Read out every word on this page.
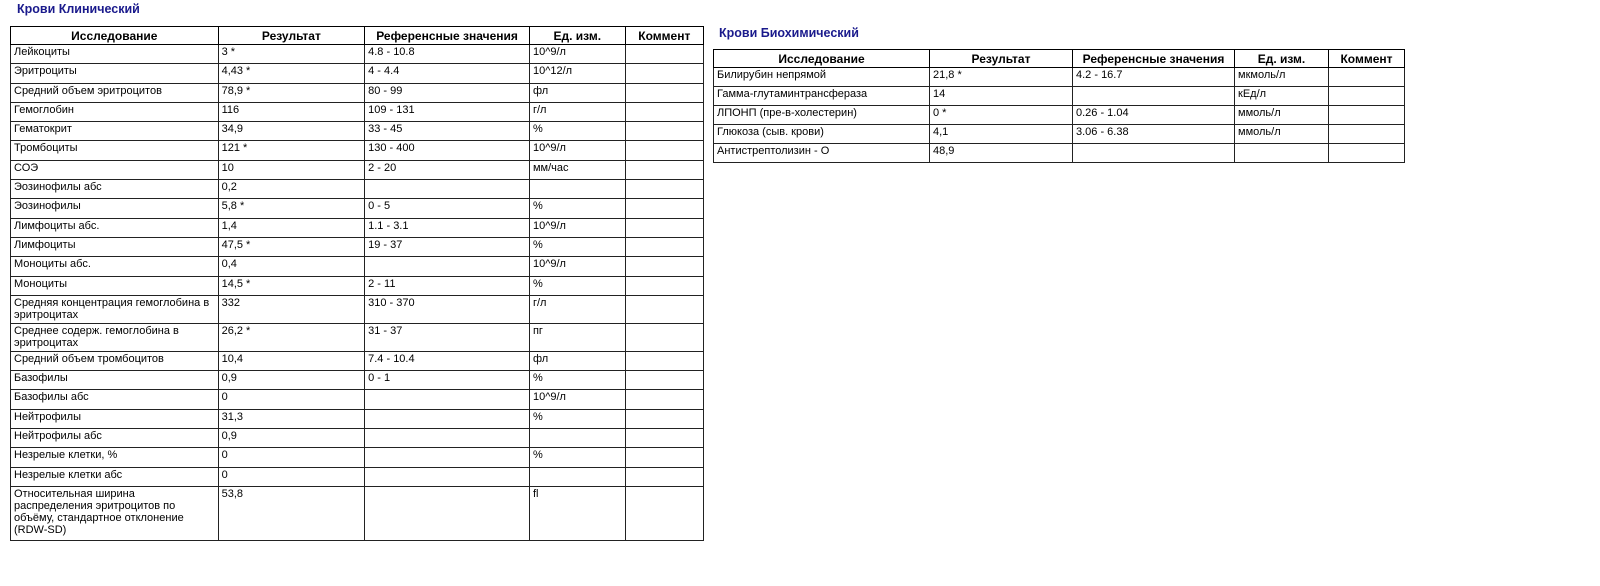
Крови Клинический
Исследование	Результат	Референсные значения	Ед. изм.	Коммент
Лейкоциты	3 *	4.8 - 10.8	10^9/л	
Эритроциты	4,43 *	4 - 4.4	10^12/л	
Средний объем эритроцитов	78,9 *	80 - 99	фл	
Гемоглобин	116	109 - 131	г/л	
Гематокрит	34,9	33 - 45	%	
Тромбоциты	121 *	130 - 400	10^9/л	
СОЭ	10	2 - 20	мм/час	
Эозинофилы абс	0,2			
Эозинофилы	5,8 *	0 - 5	%	
Лимфоциты абс.	1,4	1.1 - 3.1	10^9/л	
Лимфоциты	47,5 *	19 - 37	%	
Моноциты абс.	0,4		10^9/л	
Моноциты	14,5 *	2 - 11	%	
Средняя концентрация гемоглобина в эритроцитах	332	310 - 370	г/л	
Среднее содерж. гемоглобина в эритроцитах	26,2 *	31 - 37	пг	
Средний объем тромбоцитов	10,4	7.4 - 10.4	фл	
Базофилы	0,9	0 - 1	%	
Базофилы абс	0		10^9/л	
Нейтрофилы	31,3		%	
Нейтрофилы абс	0,9			
Незрелые клетки, %	0		%	
Незрелые клетки абс	0			
Относительная ширина распределения эритроцитов по объёму, стандартное отклонение (RDW-SD)	53,8		fl	
Крови Биохимический
Исследование	Результат	Референсные значения	Ед. изм.	Коммент
Билирубин непрямой	21,8 *	4.2 - 16.7	мкмоль/л	
Гамма-глутаминтрансфераза	14		кЕд/л	
ЛПОНП (пре-в-холестерин)	0 *	0.26 - 1.04	ммоль/л	
Глюкоза (сыв. крови)	4,1	3.06 - 6.38	ммоль/л	
Антистрептолизин - О	48,9			
